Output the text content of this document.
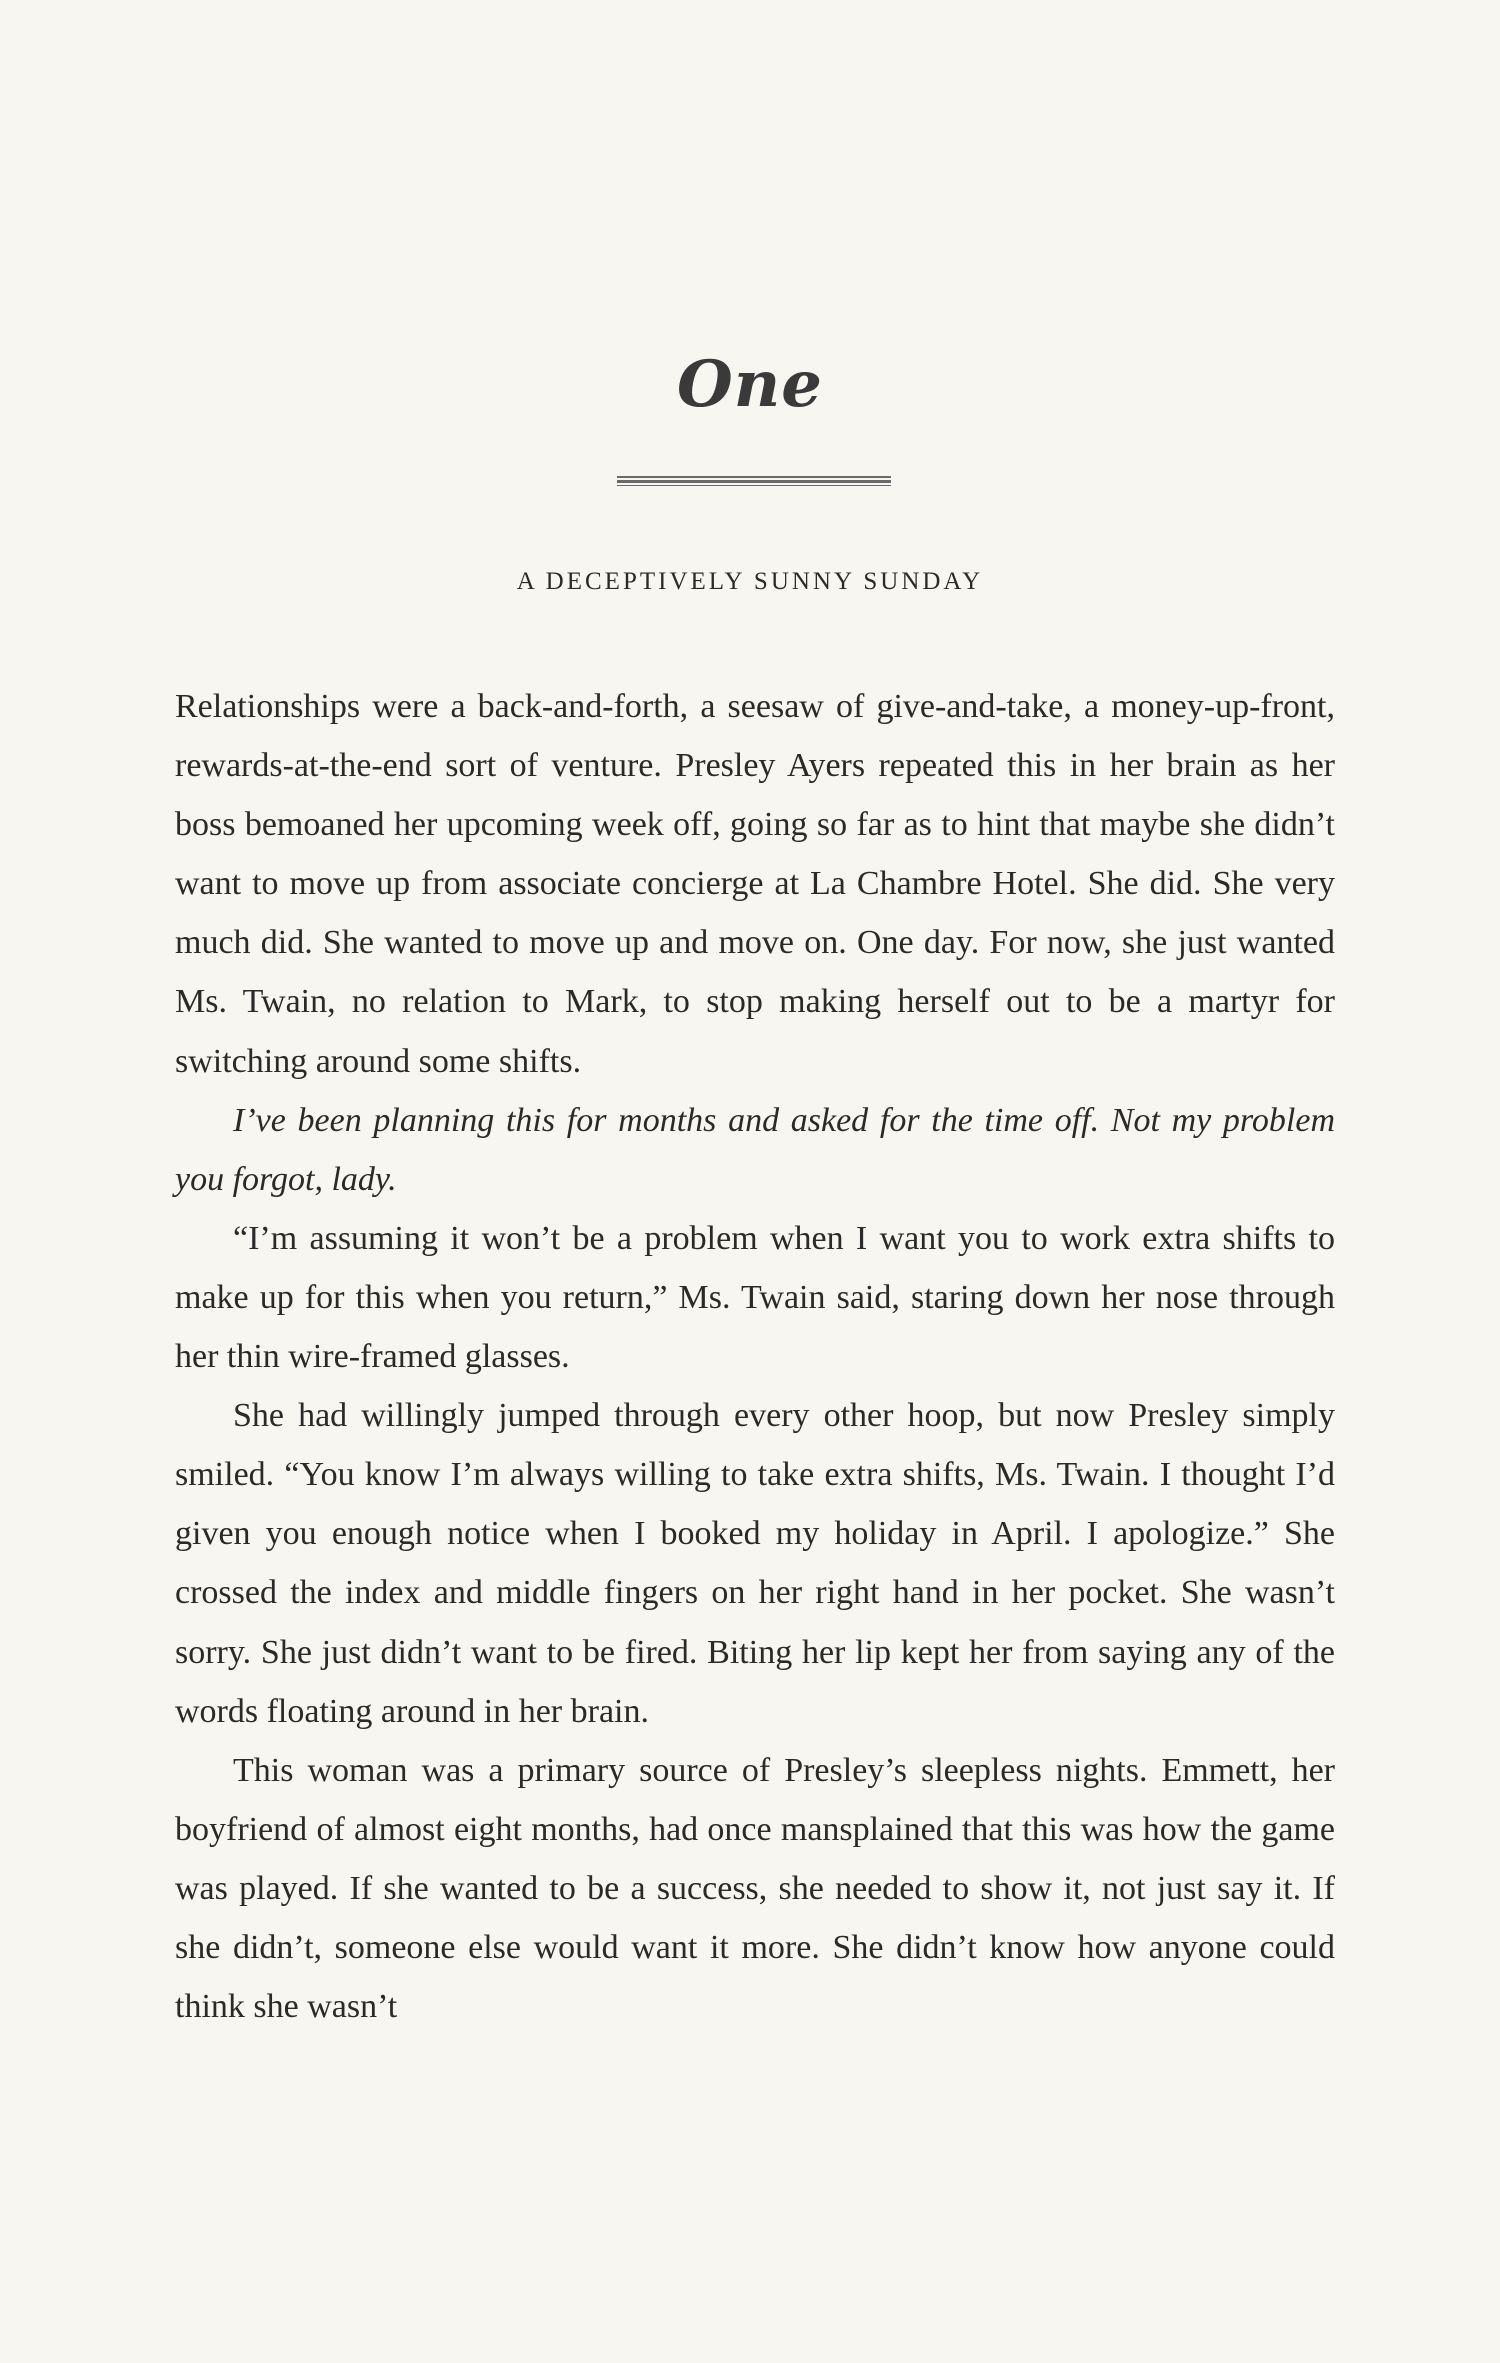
One
A DECEPTIVELY SUNNY SUNDAY

Relationships were a back-and-forth, a seesaw of give-and-take, a money-up-front, rewards-at-the-end sort of venture. Presley Ayers repeated this in her brain as her boss bemoaned her upcoming week off, going so far as to hint that maybe she didn’t want to move up from associate concierge at La Chambre Hotel. She did. She very much did. She wanted to move up and move on. One day. For now, she just wanted Ms. Twain, no relation to Mark, to stop making herself out to be a martyr for switching around some shifts.

I’ve been planning this for months and asked for the time off. Not my problem you forgot, lady.

“I’m assuming it won’t be a problem when I want you to work extra shifts to make up for this when you return,” Ms. Twain said, staring down her nose through her thin wire-framed glasses.

She had willingly jumped through every other hoop, but now Presley simply smiled. “You know I’m always willing to take extra shifts, Ms. Twain. I thought I’d given you enough notice when I booked my holiday in April. I apologize.” She crossed the index and middle fingers on her right hand in her pocket. She wasn’t sorry. She just didn’t want to be fired. Biting her lip kept her from saying any of the words floating around in her brain.

This woman was a primary source of Presley’s sleepless nights. Emmett, her boyfriend of almost eight months, had once mansplained that this was how the game was played. If she wanted to be a success, she needed to show it, not just say it. If she didn’t, someone else would want it more. She didn’t know how anyone could think she wasn’t
